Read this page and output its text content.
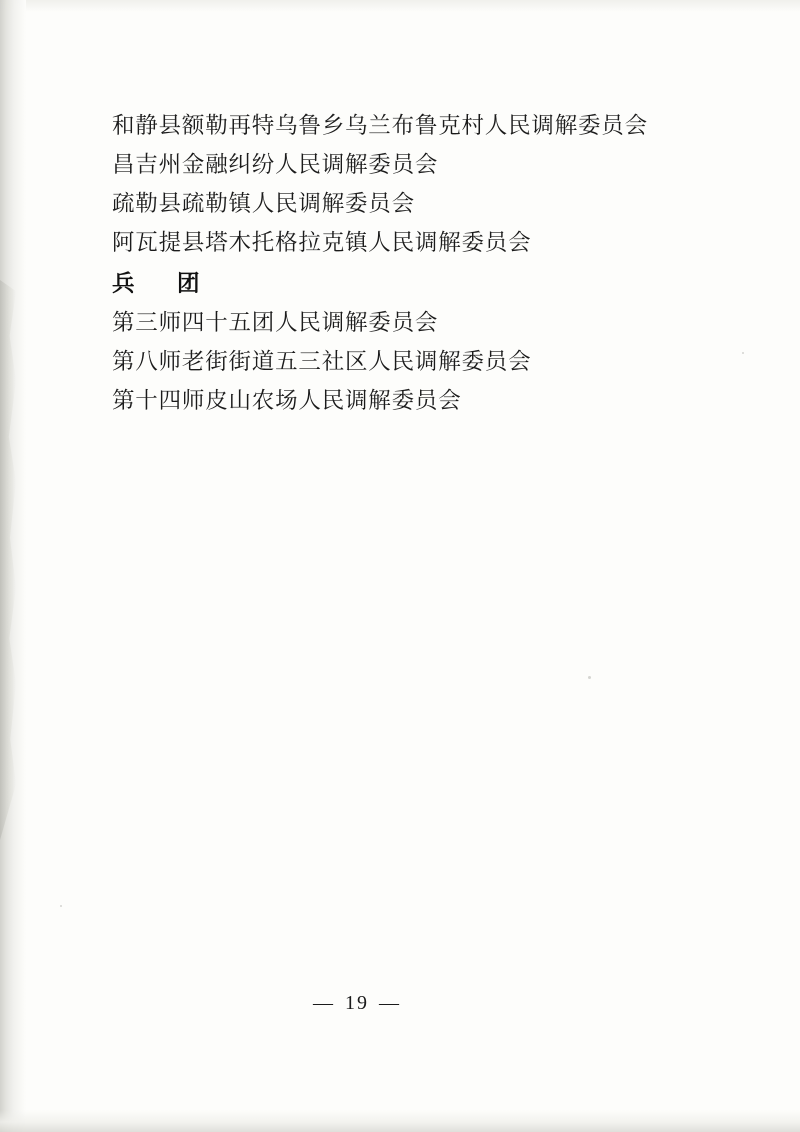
和静县额勒再特乌鲁乡乌兰布鲁克村人民调解委员会
昌吉州金融纠纷人民调解委员会
疏勒县疏勒镇人民调解委员会
阿瓦提县塔木托格拉克镇人民调解委员会
兵　团
第三师四十五团人民调解委员会
第八师老街街道五三社区人民调解委员会
第十四师皮山农场人民调解委员会
— 19 —
